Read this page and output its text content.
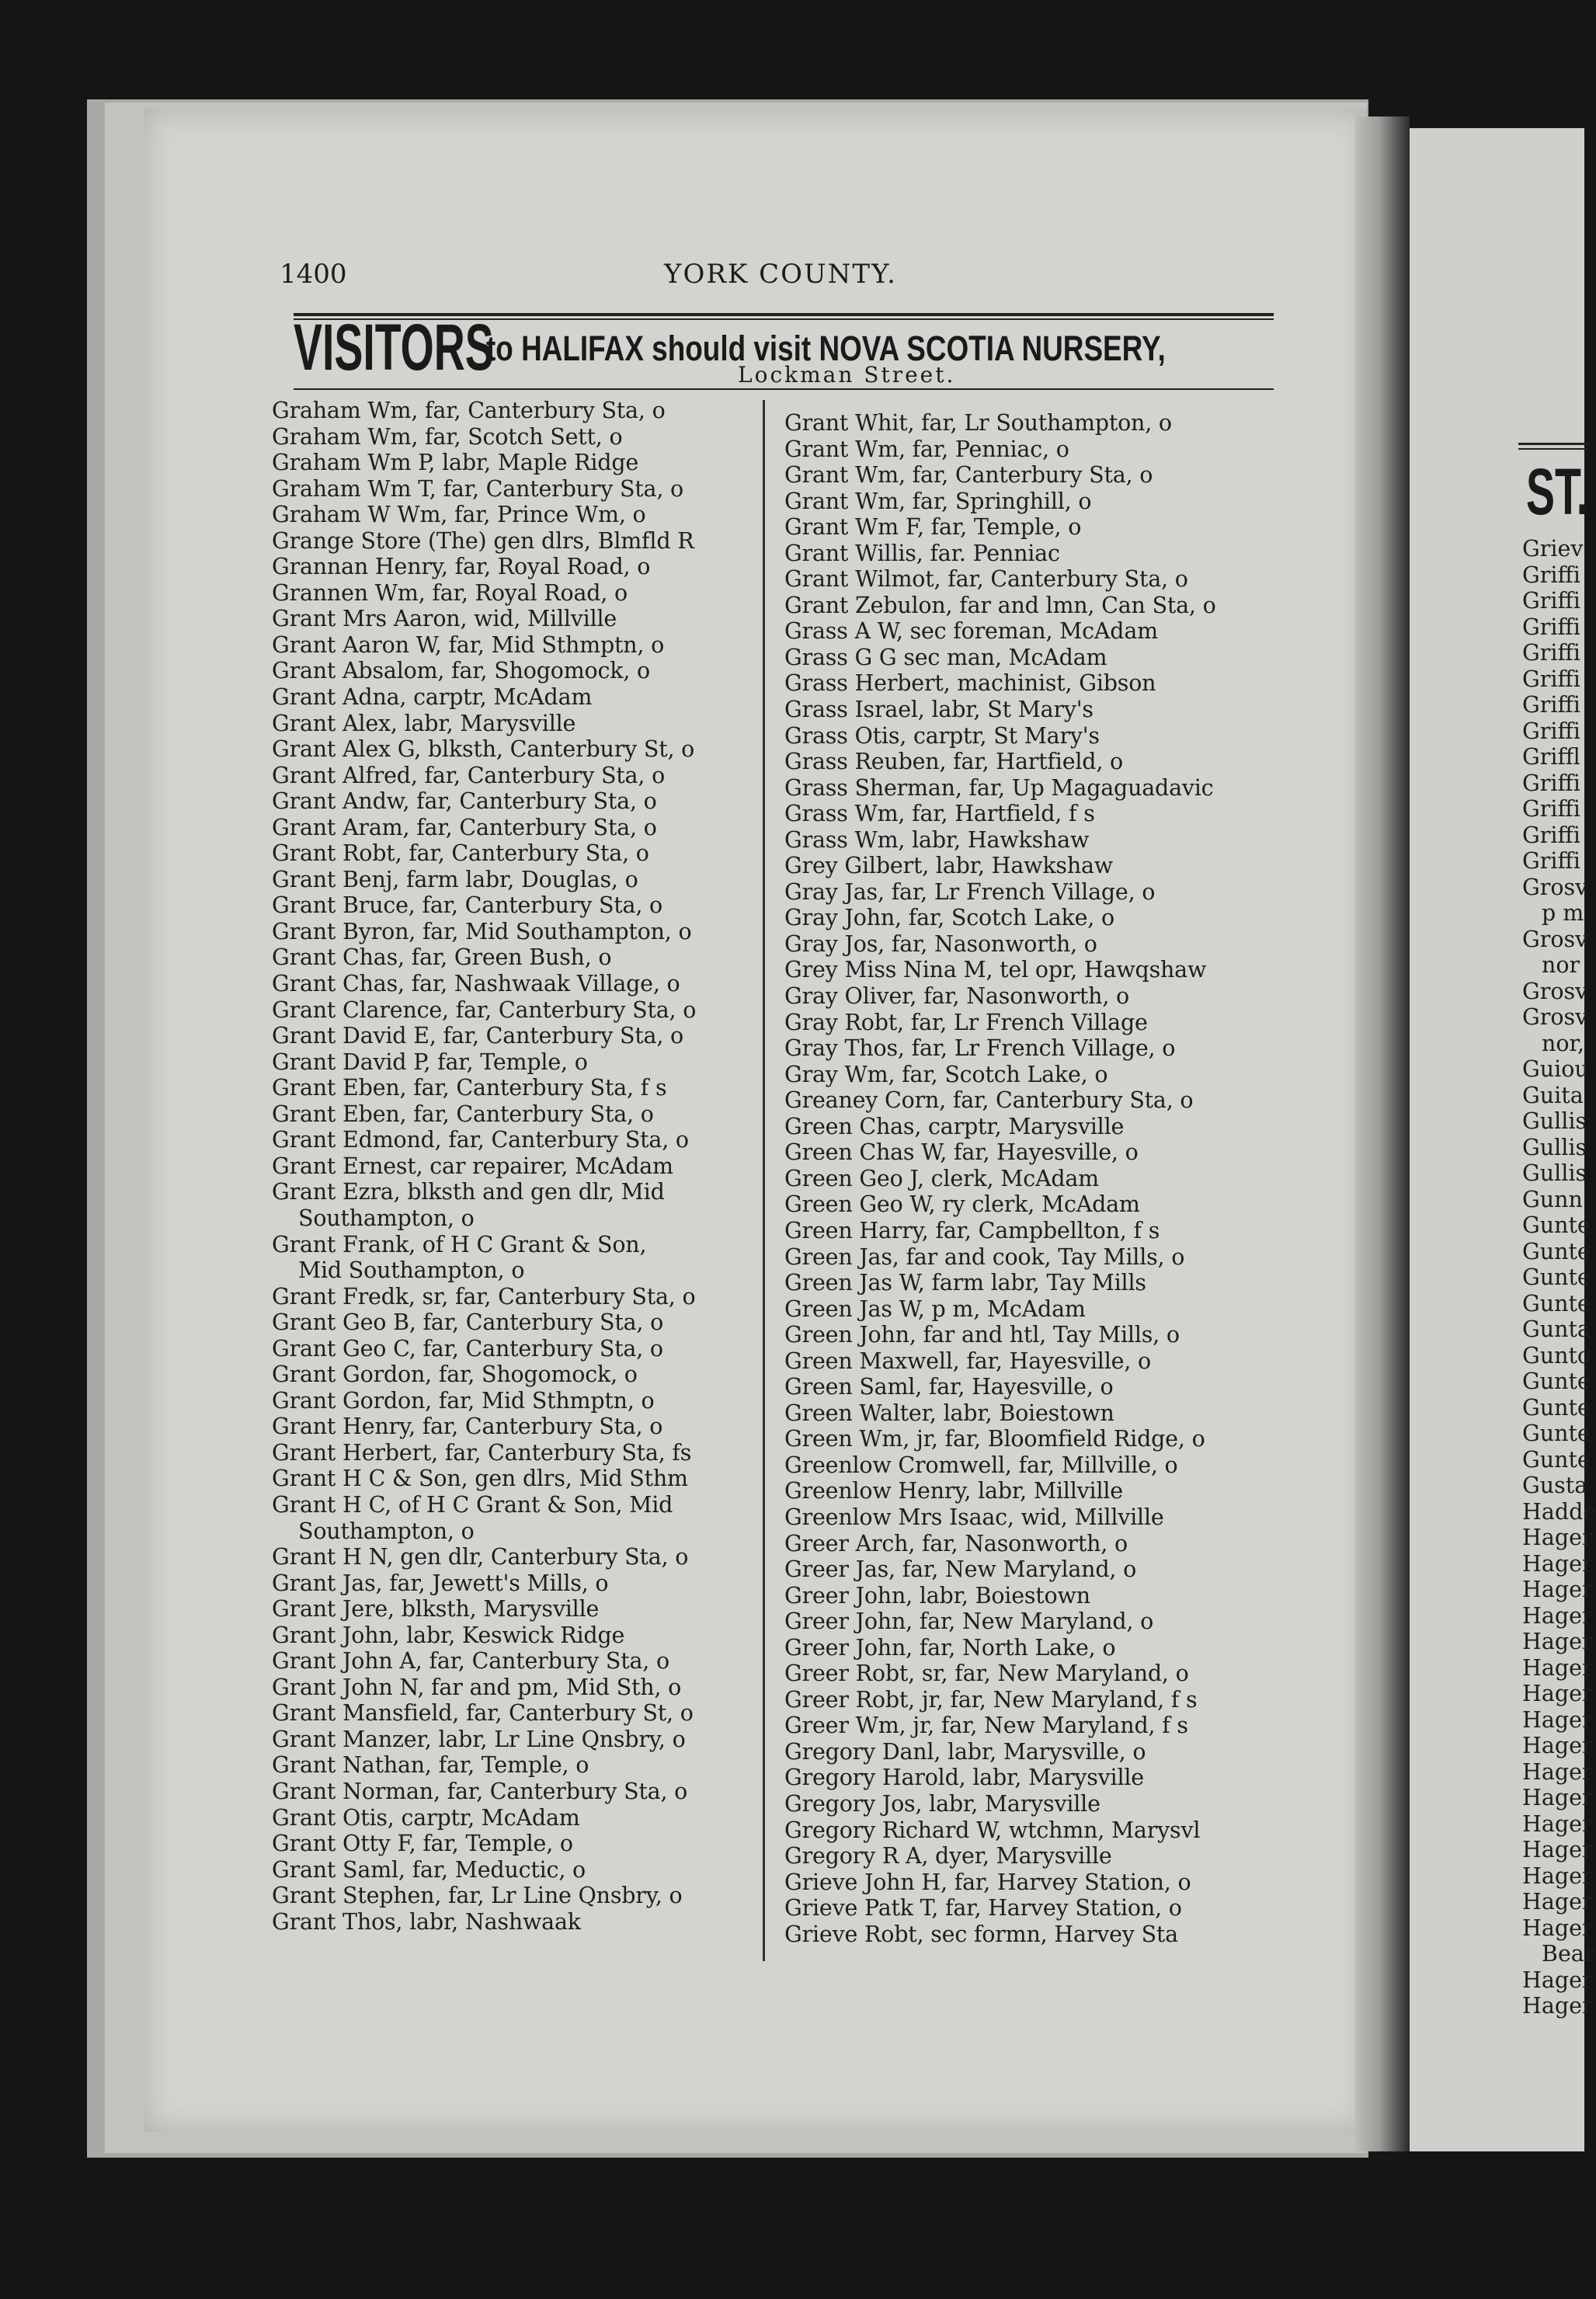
ST.
Griev
Griffi
Griffi
Griffi
Griffi
Griffi
Griffi
Griffi
Griffl
Griffi
Griffi
Griffi
Griffi
Grosv
p m
Grosv
nor
Grosv
Grosv
nor,
Guiou
Guita
Gullis
Gullis
Gullis
Gunn
Gunte
Gunte
Gunte
Gunte
Gunta
Gunto
Gunte
Gunte
Gunte
Gunte
Gusta
Hadde
Hager
Hager
Hager
Hager
Hager
Hager
Hager
Hager
Hager
Hager
Hager
Hager
Hager
Hager
Hager
Hager
Bear
Hager
Hager
1400	YORK COUNTY.
VISITORS
to HALIFAX should visit NOVA SCOTIA NURSERY,
Lockman Street.
Graham Wm, far, Canterbury Sta, o
Graham Wm, far, Scotch Sett, o
Graham Wm P, labr, Maple Ridge
Graham Wm T, far, Canterbury Sta, o
Graham W Wm, far, Prince Wm, o
Grange Store (The) gen dlrs, Blmfld R
Grannan Henry, far, Royal Road, o
Grannen Wm, far, Royal Road, o
Grant Mrs Aaron, wid, Millville
Grant Aaron W, far, Mid Sthmptn, o
Grant Absalom, far, Shogomock, o
Grant Adna, carptr, McAdam
Grant Alex, labr, Marysville
Grant Alex G, blksth, Canterbury St, o
Grant Alfred, far, Canterbury Sta, o
Grant Andw, far, Canterbury Sta, o
Grant Aram, far, Canterbury Sta, o
Grant Robt, far, Canterbury Sta, o
Grant Benj, farm labr, Douglas, o
Grant Bruce, far, Canterbury Sta, o
Grant Byron, far, Mid Southampton, o
Grant Chas, far, Green Bush, o
Grant Chas, far, Nashwaak Village, o
Grant Clarence, far, Canterbury Sta, o
Grant David E, far, Canterbury Sta, o
Grant David P, far, Temple, o
Grant Eben, far, Canterbury Sta, f s
Grant Eben, far, Canterbury Sta, o
Grant Edmond, far, Canterbury Sta, o
Grant Ernest, car repairer, McAdam
Grant Ezra, blksth and gen dlr, Mid
Southampton, o
Grant Frank, of H C Grant & Son,
Mid Southampton, o
Grant Fredk, sr, far, Canterbury Sta, o
Grant Geo B, far, Canterbury Sta, o
Grant Geo C, far, Canterbury Sta, o
Grant Gordon, far, Shogomock, o
Grant Gordon, far, Mid Sthmptn, o
Grant Henry, far, Canterbury Sta, o
Grant Herbert, far, Canterbury Sta, fs
Grant H C & Son, gen dlrs, Mid Sthm
Grant H C, of H C Grant & Son, Mid
Southampton, o
Grant H N, gen dlr, Canterbury Sta, o
Grant Jas, far, Jewett's Mills, o
Grant Jere, blksth, Marysville
Grant John, labr, Keswick Ridge
Grant John A, far, Canterbury Sta, o
Grant John N, far and pm, Mid Sth, o
Grant Mansfield, far, Canterbury St, o
Grant Manzer, labr, Lr Line Qnsbry, o
Grant Nathan, far, Temple, o
Grant Norman, far, Canterbury Sta, o
Grant Otis, carptr, McAdam
Grant Otty F, far, Temple, o
Grant Saml, far, Meductic, o
Grant Stephen, far, Lr Line Qnsbry, o
Grant Thos, labr, Nashwaak
Grant Whit, far, Lr Southampton, o
Grant Wm, far, Penniac, o
Grant Wm, far, Canterbury Sta, o
Grant Wm, far, Springhill, o
Grant Wm F, far, Temple, o
Grant Willis, far. Penniac
Grant Wilmot, far, Canterbury Sta, o
Grant Zebulon, far and lmn, Can Sta, o
Grass A W, sec foreman, McAdam
Grass G G sec man, McAdam
Grass Herbert, machinist, Gibson
Grass Israel, labr, St Mary's
Grass Otis, carptr, St Mary's
Grass Reuben, far, Hartfield, o
Grass Sherman, far, Up Magaguadavic
Grass Wm, far, Hartfield, f s
Grass Wm, labr, Hawkshaw
Grey Gilbert, labr, Hawkshaw
Gray Jas, far, Lr French Village, o
Gray John, far, Scotch Lake, o
Gray Jos, far, Nasonworth, o
Grey Miss Nina M, tel opr, Hawqshaw
Gray Oliver, far, Nasonworth, o
Gray Robt, far, Lr French Village
Gray Thos, far, Lr French Village, o
Gray Wm, far, Scotch Lake, o
Greaney Corn, far, Canterbury Sta, o
Green Chas, carptr, Marysville
Green Chas W, far, Hayesville, o
Green Geo J, clerk, McAdam
Green Geo W, ry clerk, McAdam
Green Harry, far, Campbellton, f s
Green Jas, far and cook, Tay Mills, o
Green Jas W, farm labr, Tay Mills
Green Jas W, p m, McAdam
Green John, far and htl, Tay Mills, o
Green Maxwell, far, Hayesville, o
Green Saml, far, Hayesville, o
Green Walter, labr, Boiestown
Green Wm, jr, far, Bloomfield Ridge, o
Greenlow Cromwell, far, Millville, o
Greenlow Henry, labr, Millville
Greenlow Mrs Isaac, wid, Millville
Greer Arch, far, Nasonworth, o
Greer Jas, far, New Maryland, o
Greer John, labr, Boiestown
Greer John, far, New Maryland, o
Greer John, far, North Lake, o
Greer Robt, sr, far, New Maryland, o
Greer Robt, jr, far, New Maryland, f s
Greer Wm, jr, far, New Maryland, f s
Gregory Danl, labr, Marysville, o
Gregory Harold, labr, Marysville
Gregory Jos, labr, Marysville
Gregory Richard W, wtchmn, Marysvl
Gregory R A, dyer, Marysville
Grieve John H, far, Harvey Station, o
Grieve Patk T, far, Harvey Station, o
Grieve Robt, sec formn, Harvey Sta
